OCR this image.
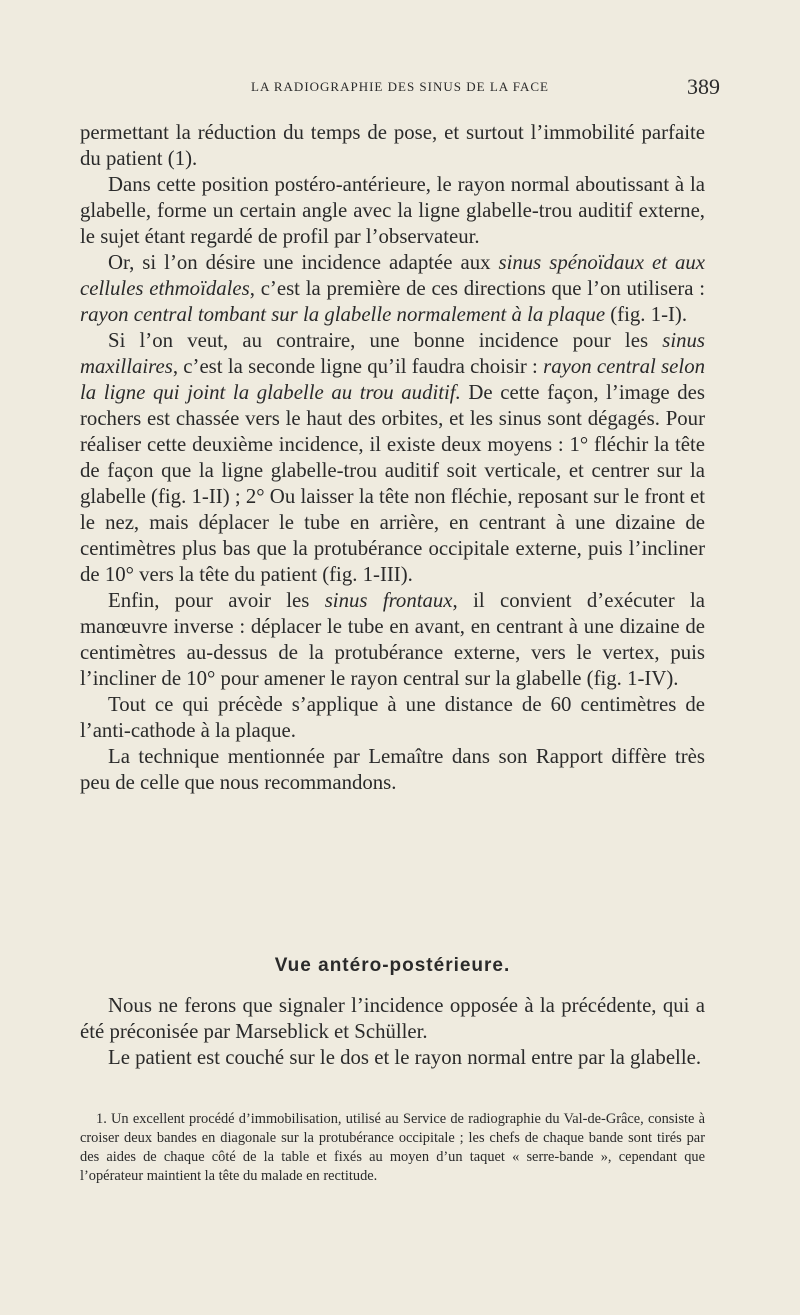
LA RADIOGRAPHIE DES SINUS DE LA FACE	389

permettant la réduction du temps de pose, et surtout l’immobilité parfaite du patient (1).

Dans cette position postéro-antérieure, le rayon normal aboutissant à la glabelle, forme un certain angle avec la ligne glabelle-trou auditif externe, le sujet étant regardé de profil par l’observateur.

Or, si l’on désire une incidence adaptée aux sinus spénoïdaux et aux cellules ethmoïdales, c’est la première de ces directions que l’on utilisera : rayon central tombant sur la glabelle normalement à la plaque (fig. 1-I).

Si l’on veut, au contraire, une bonne incidence pour les sinus maxillaires, c’est la seconde ligne qu’il faudra choisir : rayon central selon la ligne qui joint la glabelle au trou auditif. De cette façon, l’image des rochers est chassée vers le haut des orbites, et les sinus sont dégagés. Pour réaliser cette deuxième incidence, il existe deux moyens : 1° fléchir la tête de façon que la ligne glabelle-trou auditif soit verticale, et centrer sur la glabelle (fig. 1-II) ; 2° Ou laisser la tête non fléchie, reposant sur le front et le nez, mais déplacer le tube en arrière, en centrant à une dizaine de centimètres plus bas que la protubérance occipitale externe, puis l’incliner de 10° vers la tête du patient (fig. 1-III).

Enfin, pour avoir les sinus frontaux, il convient d’exécuter la manœuvre inverse : déplacer le tube en avant, en centrant à une dizaine de centimètres au-dessus de la protubérance externe, vers le vertex, puis l’incliner de 10° pour amener le rayon central sur la glabelle (fig. 1-IV).

Tout ce qui précède s’applique à une distance de 60 centimètres de l’anti-cathode à la plaque.

La technique mentionnée par Lemaître dans son Rapport diffère très peu de celle que nous recommandons.

Vue antéro-postérieure.

Nous ne ferons que signaler l’incidence opposée à la précédente, qui a été préconisée par Marseblick et Schüller.

Le patient est couché sur le dos et le rayon normal entre par la glabelle.

1. Un excellent procédé d’immobilisation, utilisé au Service de radiographie du Val-de-Grâce, consiste à croiser deux bandes en diagonale sur la protubérance occipitale ; les chefs de chaque bande sont tirés par des aides de chaque côté de la table et fixés au moyen d’un taquet « serre-bande », cependant que l’opérateur maintient la tête du malade en rectitude.
